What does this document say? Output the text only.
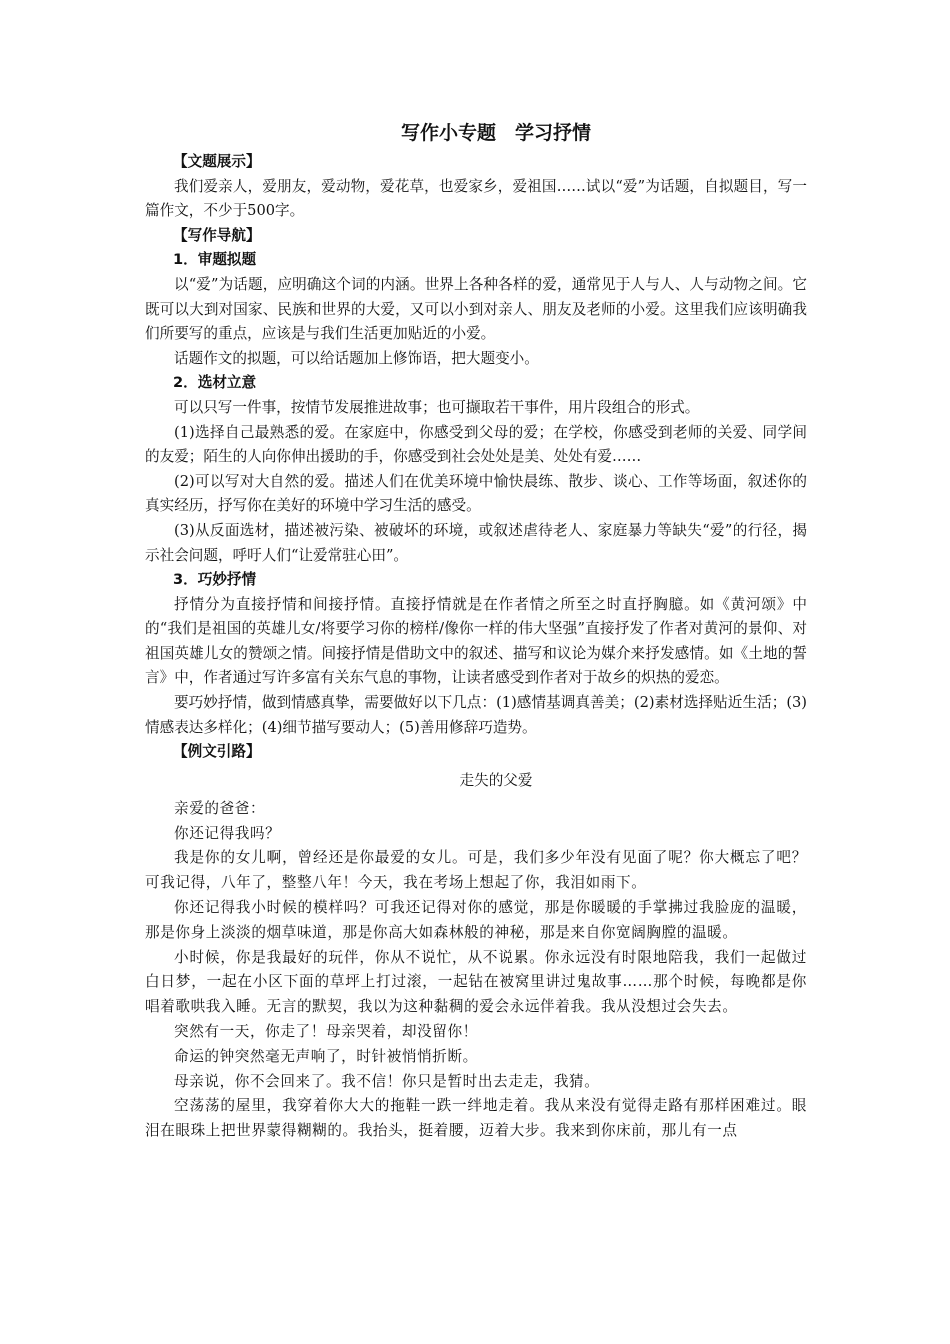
写作小专题　学习抒情
【文题展示】

我们爱亲人，爱朋友，爱动物，爱花草，也爱家乡，爱祖国……试以“爱”为话题，自拟题目，写一篇作文，不少于500字。

【写作导航】
1．审题拟题

以“爱”为话题，应明确这个词的内涵。世界上各种各样的爱，通常见于人与人、人与动物之间。它既可以大到对国家、民族和世界的大爱，又可以小到对亲人、朋友及老师的小爱。这里我们应该明确我们所要写的重点，应该是与我们生活更加贴近的小爱。

话题作文的拟题，可以给话题加上修饰语，把大题变小。

2．选材立意

可以只写一件事，按情节发展推进故事；也可撷取若干事件，用片段组合的形式。

(1)选择自己最熟悉的爱。在家庭中，你感受到父母的爱；在学校，你感受到老师的关爱、同学间的友爱；陌生的人向你伸出援助的手，你感受到社会处处是美、处处有爱……

(2)可以写对大自然的爱。描述人们在优美环境中愉快晨练、散步、谈心、工作等场面，叙述你的真实经历，抒写你在美好的环境中学习生活的感受。

(3)从反面选材，描述被污染、被破坏的环境，或叙述虐待老人、家庭暴力等缺失“爱”的行径，揭示社会问题，呼吁人们“让爱常驻心田”。

3．巧妙抒情

抒情分为直接抒情和间接抒情。直接抒情就是在作者情之所至之时直抒胸臆。如《黄河颂》中的“我们是祖国的英雄儿女/将要学习你的榜样/像你一样的伟大坚强”直接抒发了作者对黄河的景仰、对祖国英雄儿女的赞颂之情。间接抒情是借助文中的叙述、描写和议论为媒介来抒发感情。如《土地的誓言》中，作者通过写许多富有关东气息的事物，让读者感受到作者对于故乡的炽热的爱恋。

要巧妙抒情，做到情感真挚，需要做好以下几点：(1)感情基调真善美；(2)素材选择贴近生活；(3)情感表达多样化；(4)细节描写要动人；(5)善用修辞巧造势。

【例文引路】

走失的父爱

亲爱的爸爸：

你还记得我吗？

我是你的女儿啊，曾经还是你最爱的女儿。可是，我们多少年没有见面了呢？你大概忘了吧？可我记得，八年了，整整八年！今天，我在考场上想起了你，我泪如雨下。

你还记得我小时候的模样吗？可我还记得对你的感觉，那是你暖暖的手掌拂过我脸庞的温暖，那是你身上淡淡的烟草味道，那是你高大如森林般的神秘，那是来自你宽阔胸膛的温暖。

小时候，你是我最好的玩伴，你从不说忙，从不说累。你永远没有时限地陪我，我们一起做过白日梦，一起在小区下面的草坪上打过滚，一起钻在被窝里讲过鬼故事……那个时候，每晚都是你唱着歌哄我入睡。无言的默契，我以为这种黏稠的爱会永远伴着我。我从没想过会失去。

突然有一天，你走了！母亲哭着，却没留你！

命运的钟突然毫无声响了，时针被悄悄折断。

母亲说，你不会回来了。我不信！你只是暂时出去走走，我猜。

空荡荡的屋里，我穿着你大大的拖鞋一跌一绊地走着。我从来没有觉得走路有那样困难过。眼泪在眼珠上把世界蒙得糊糊的。我抬头，挺着腰，迈着大步。我来到你床前，那儿有一点
